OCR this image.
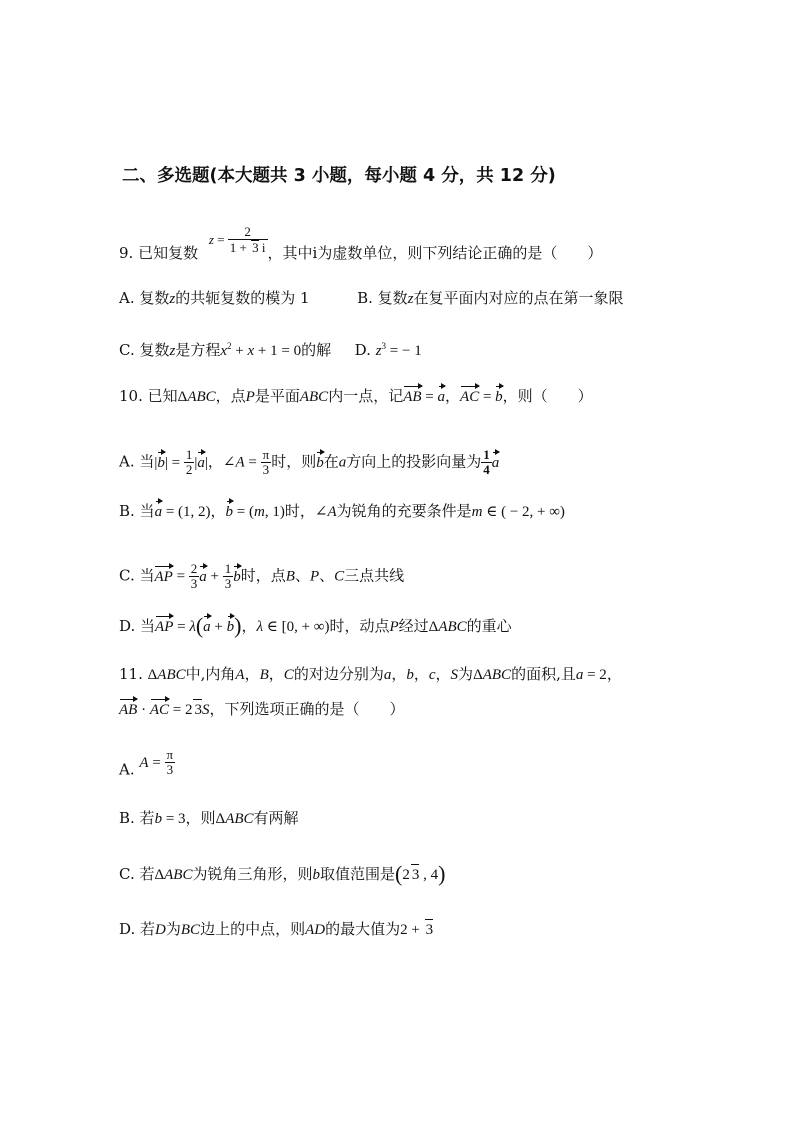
二、多选题(本大题共 3 小题，每小题 4 分，共 12 分)
9. 已知复数 $z = \frac{2}{1 + 3 i}$ ，其中i为虚数单位，则下列结论正确的是（　　）
A. 复数z的共轭复数的模为 1	B. 复数z在复平面内对应的点在第一象限
C. 复数z是方程$x^2 + x + 1 = 0$的解 D. $z^3$ = − 1
10. 已知ΔABC，点P是平面ABC内一点，记AB = a，AC = b，则（　　）
A. 当$|b| = \frac{1}{2} |a|$，∠A = $\frac{\pi}{3}$ 时，则b在a方向上的投影向量为 $\frac{1}{4}$ a
B. 当a = (1, 2)，b = (m, 1)时，∠A为锐角的充要条件是m ∈ ( − 2, + ∞)
C. 当AP = $\frac{2}{3}$ $a + \frac{1}{3}$ b时，点B、P、C三点共线
D. 当AP = λ(a + b)，λ ∈ [0, + ∞)时，动点P经过ΔABC的重心
11. ΔABC中,内角A，B，C的对边分别为a，b，c，S为ΔABC的面积,且a = 2，
AB · AC = 2 3S，下列选项正确的是（　　）
A. $A = \frac{\pi}{3}$
B. 若b = 3，则ΔABC有两解
C. 若ΔABC为锐角三角形，则b取值范围是(2 3 , 4)
D. 若D为BC边上的中点，则AD的最大值为2 + 3
